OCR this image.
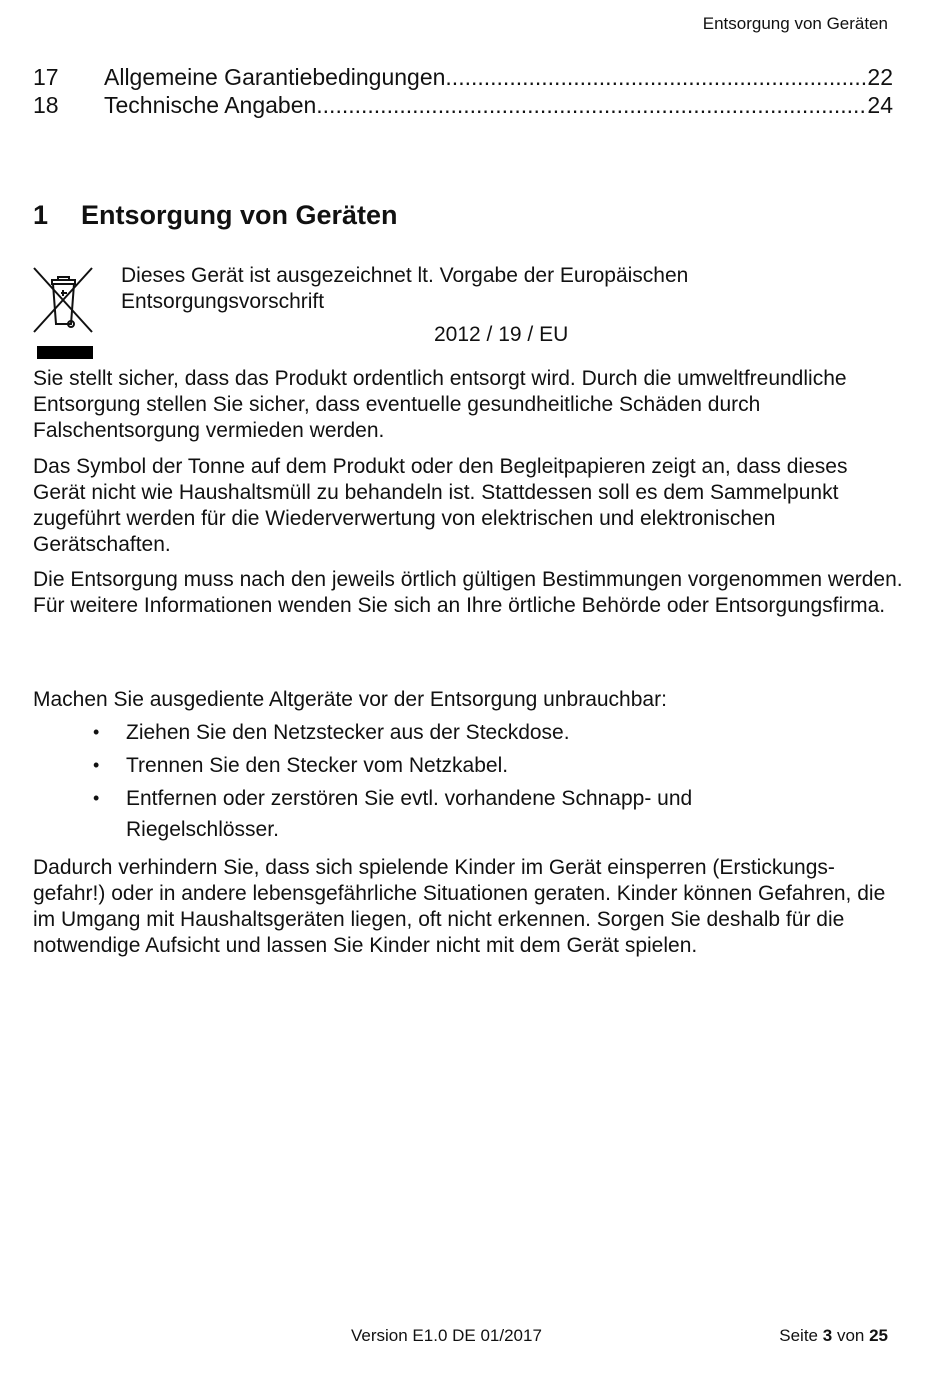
Entsorgung von Geräten
17	Allgemeine Garantiebedingungen .....	22
18	Technische Angaben .....	24
1	Entsorgung von Geräten
Dieses Gerät ist ausgezeichnet lt. Vorgabe der Europäischen Entsorgungsvorschrift
2012 / 19 / EU

Sie stellt sicher, dass das Produkt ordentlich entsorgt wird. Durch die umweltfreundliche Entsorgung stellen Sie sicher, dass eventuelle gesundheitliche Schäden durch Falschentsorgung vermieden werden.

Das Symbol der Tonne auf dem Produkt oder den Begleitpapieren zeigt an, dass dieses Gerät nicht wie Haushaltsmüll zu behandeln ist. Stattdessen soll es dem Sammelpunkt zugeführt werden für die Wiederverwertung von elektrischen und elektronischen Gerätschaften.

Die Entsorgung muss nach den jeweils örtlich gültigen Bestimmungen vorgenommen werden. Für weitere Informationen wenden Sie sich an Ihre örtliche Behörde oder Entsorgungsfirma.

Machen Sie ausgediente Altgeräte vor der Entsorgung unbrauchbar:

•	Ziehen Sie den Netzstecker aus der Steckdose.
•	Trennen Sie den Stecker vom Netzkabel.
•	Entfernen oder zerstören Sie evtl. vorhandene Schnapp- und Riegelschlösser.

Dadurch verhindern Sie, dass sich spielende Kinder im Gerät einsperren (Erstickungs-gefahr!) oder in andere lebensgefährliche Situationen geraten. Kinder können Gefahren, die im Umgang mit Haushaltsgeräten liegen, oft nicht erkennen. Sorgen Sie deshalb für die notwendige Aufsicht und lassen Sie Kinder nicht mit dem Gerät spielen.

Version E1.0 DE 01/2017	Seite 3 von 25
